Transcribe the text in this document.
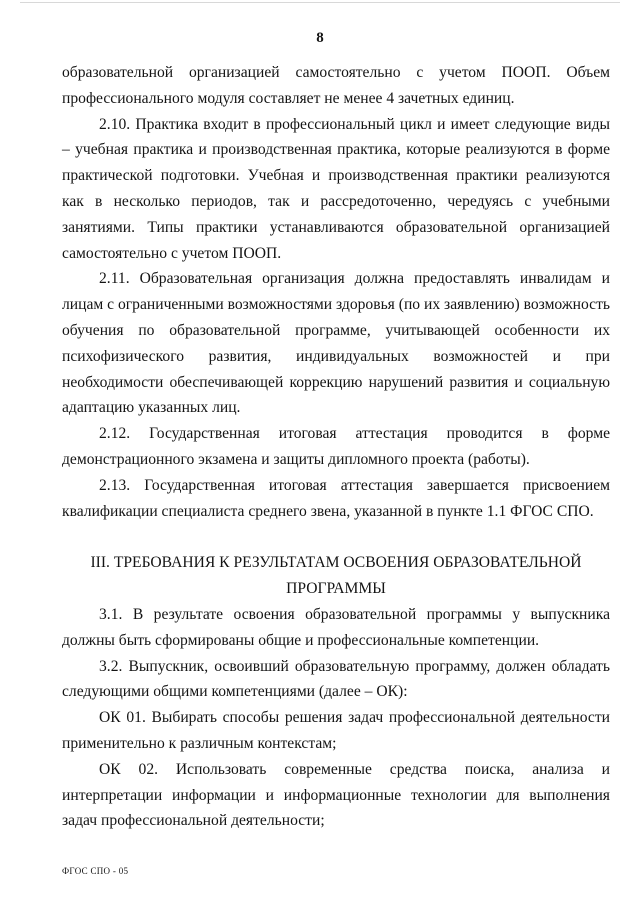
8

образовательной организацией самостоятельно с учетом ПООП. Объем профессионального модуля составляет не менее 4 зачетных единиц.

2.10. Практика входит в профессиональный цикл и имеет следующие виды – учебная практика и производственная практика, которые реализуются в форме практической подготовки. Учебная и производственная практики реализуются как в несколько периодов, так и рассредоточенно, чередуясь с учебными занятиями. Типы практики устанавливаются образовательной организацией самостоятельно с учетом ПООП.

2.11. Образовательная организация должна предоставлять инвалидам и лицам с ограниченными возможностями здоровья (по их заявлению) возможность обучения по образовательной программе, учитывающей особенности их психофизического развития, индивидуальных возможностей и при необходимости обеспечивающей коррекцию нарушений развития и социальную адаптацию указанных лиц.

2.12. Государственная итоговая аттестация проводится в форме демонстрационного экзамена и защиты дипломного проекта (работы).

2.13. Государственная итоговая аттестация завершается присвоением квалификации специалиста среднего звена, указанной в пункте 1.1 ФГОС СПО.

III. ТРЕБОВАНИЯ К РЕЗУЛЬТАТАМ ОСВОЕНИЯ ОБРАЗОВАТЕЛЬНОЙ ПРОГРАММЫ

3.1. В результате освоения образовательной программы у выпускника должны быть сформированы общие и профессиональные компетенции.

3.2. Выпускник, освоивший образовательную программу, должен обладать следующими общими компетенциями (далее – ОК):

ОК 01. Выбирать способы решения задач профессиональной деятельности применительно к различным контекстам;

ОК 02. Использовать современные средства поиска, анализа и интерпретации информации и информационные технологии для выполнения задач профессиональной деятельности;

ФГОС СПО - 05
